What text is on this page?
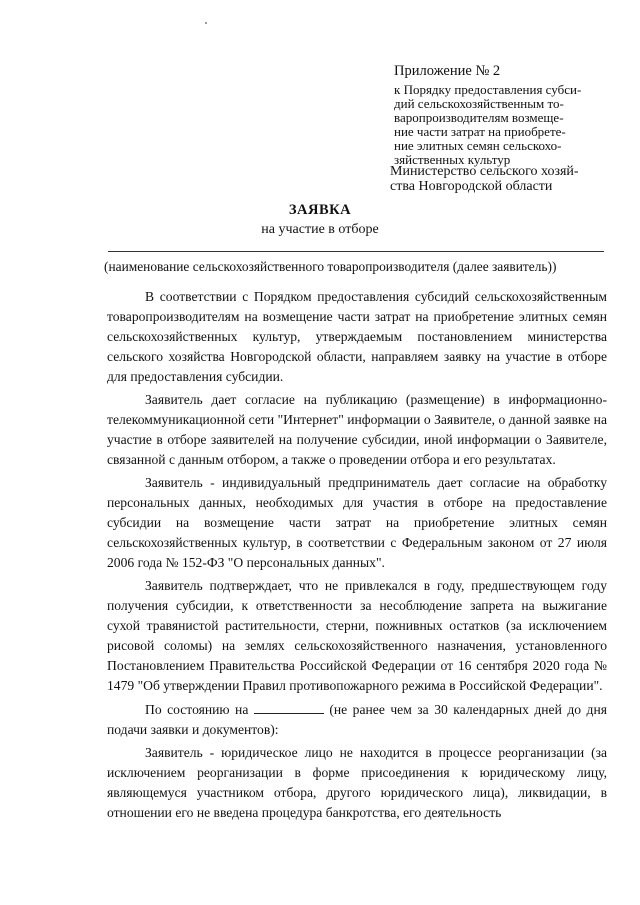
Приложение № 2
к Порядку предоставления субси-
дий сельскохозяйственным то-
варопроизводителям возмеще-
ние части затрат на приобрете-
ние элитных семян сельскохо-
зяйственных культур
Министерство сельского хозяй-
ства Новгородской области
ЗАЯВКА
на участие в отборе
(наименование сельскохозяйственного товаропроизводителя (далее заявитель))

В соответствии с Порядком предоставления субсидий сельскохозяйственным товаропроизводителям на возмещение части затрат на приобретение элитных семян сельскохозяйственных культур, утверждаемым постановлением министерства сельского хозяйства Новгородской области, направляем заявку на участие в отборе для предоставления субсидии.

Заявитель дает согласие на публикацию (размещение) в информационно-телекоммуникационной сети "Интернет" информации о Заявителе, о данной заявке на участие в отборе заявителей на получение субсидии, иной информации о Заявителе, связанной с данным отбором, а также о проведении отбора и его результатах.

Заявитель - индивидуальный предприниматель дает согласие на обработку персональных данных, необходимых для участия в отборе на предоставление субсидии на возмещение части затрат на приобретение элитных семян сельскохозяйственных культур, в соответствии с Федеральным законом от 27 июля 2006 года № 152-ФЗ "О персональных данных".

Заявитель подтверждает, что не привлекался в году, предшествующем году получения субсидии, к ответственности за несоблюдение запрета на выжигание сухой травянистой растительности, стерни, пожнивных остатков (за исключением рисовой соломы) на землях сельскохозяйственного назначения, установленного Постановлением Правительства Российской Федерации от 16 сентября 2020 года № 1479 "Об утверждении Правил противопожарного режима в Российской Федерации".

По состоянию на	(не ранее чем за 30 календарных дней до дня подачи заявки и документов):

Заявитель - юридическое лицо не находится в процессе реорганизации (за исключением реорганизации в форме присоединения к юридическому лицу, являющемуся участником отбора, другого юридического лица), ликвидации, в отношении его не введена процедура банкротства, его деятельность
